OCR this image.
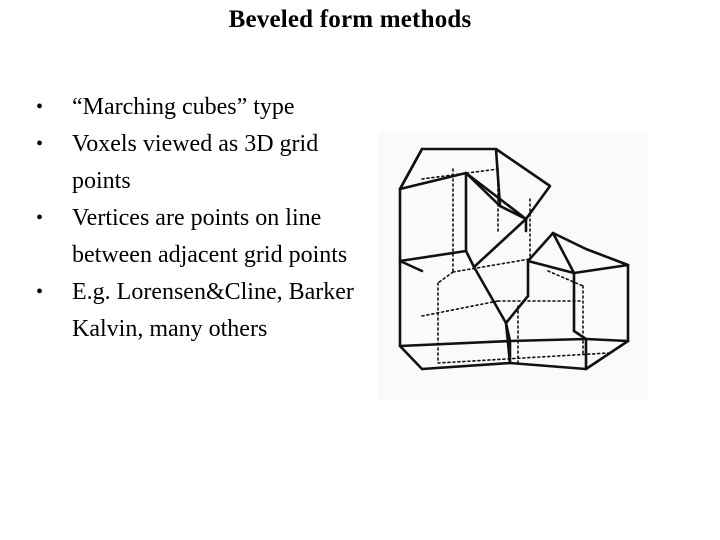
Beveled form methods
•	“Marching cubes” type
•	Voxels viewed as 3D grid points
•	Vertices are points on line between adjacent grid points
•	E.g. Lorensen&Cline, Barker Kalvin, many others
